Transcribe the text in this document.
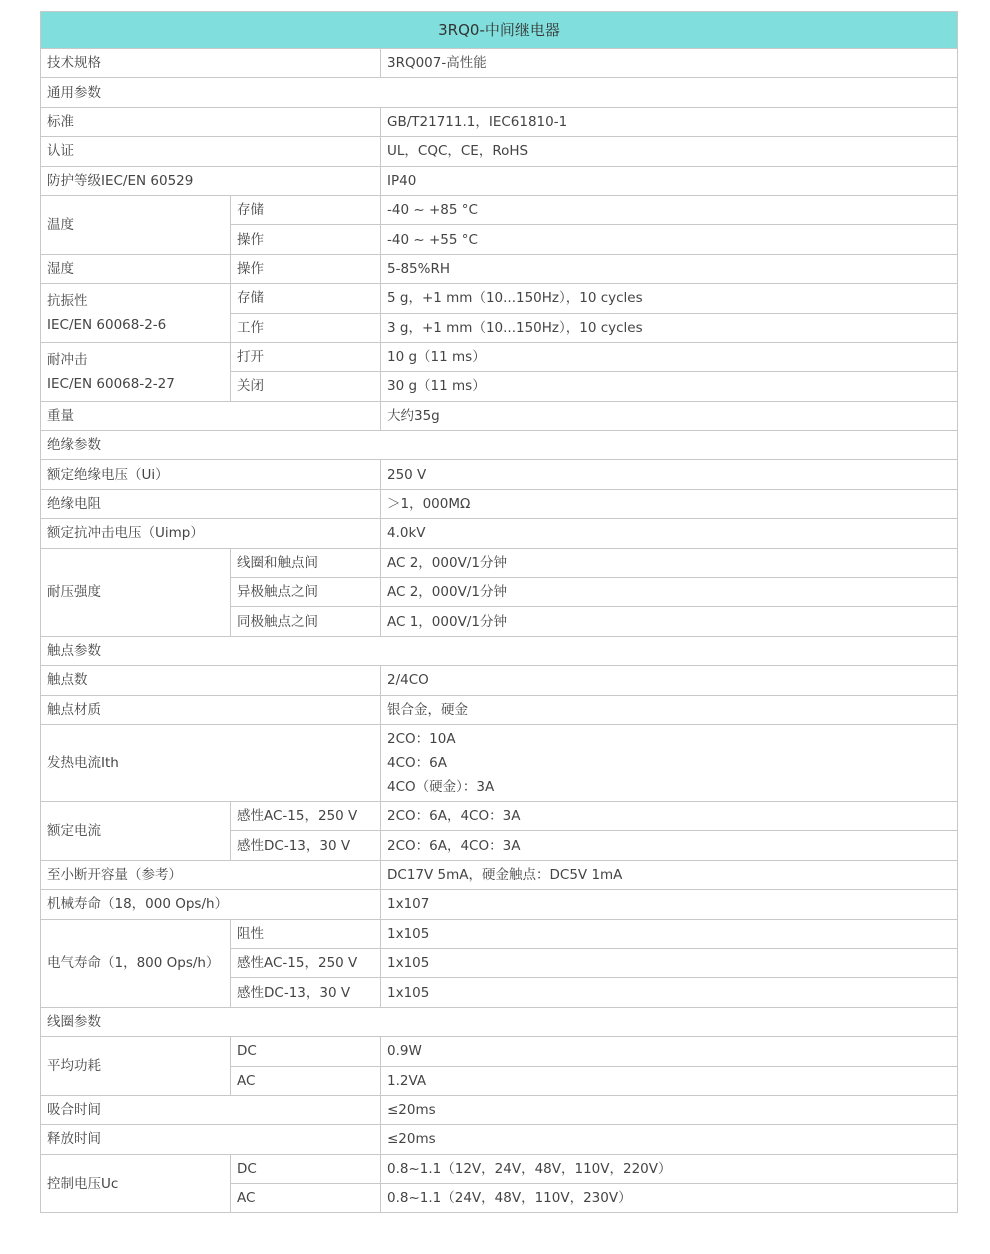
3RQ0-中间继电器		
技术规格		3RQ007-高性能
通用参数		
标准		GB/T21711.1，IEC61810-1
认证		UL，CQC，CE，RoHS
防护等级IEC/EN 60529		IP40
温度	存储	-40 ~ +85 °C
	操作	-40 ~ +55 °C
湿度	操作	5-85%RH

抗振性
IEC/EN 60068-2-6	存储	5 g，+1 mm（10...150Hz），10 cycles
	工作	3 g，+1 mm（10...150Hz），10 cycles

耐冲击
IEC/EN 60068-2-27	打开	10 g（11 ms）
	关闭	30 g（11 ms）
重量		大约35g
绝缘参数		
额定绝缘电压（Ui）		250 V
绝缘电阻		＞1，000MΩ
额定抗冲击电压（Uimp）		4.0kV
耐压强度	线圈和触点间	AC 2，000V/1分钟
	异极触点之间	AC 2，000V/1分钟
	同极触点之间	AC 1，000V/1分钟
触点参数		
触点数		2/4CO
触点材质		银合金，硬金
发热电流Ith		2CO：10A
4CO：6A
4CO（硬金）：3A

额定电流	感性AC-15，250 V	2CO：6A，4CO：3A
	感性DC-13，30 V	2CO：6A，4CO：3A
至小断开容量（参考）		DC17V 5mA，硬金触点：DC5V 1mA
机械寿命（18，000 Ops/h）		1x107
电气寿命（1，800 Ops/h）	阻性	1x105
	感性AC-15，250 V	1x105
	感性DC-13，30 V	1x105
线圈参数		
平均功耗	DC	0.9W
	AC	1.2VA
吸合时间		≤20ms
释放时间		≤20ms
控制电压Uc	DC	0.8~1.1（12V，24V，48V，110V，220V）
	AC	0.8~1.1（24V，48V，110V，230V）
